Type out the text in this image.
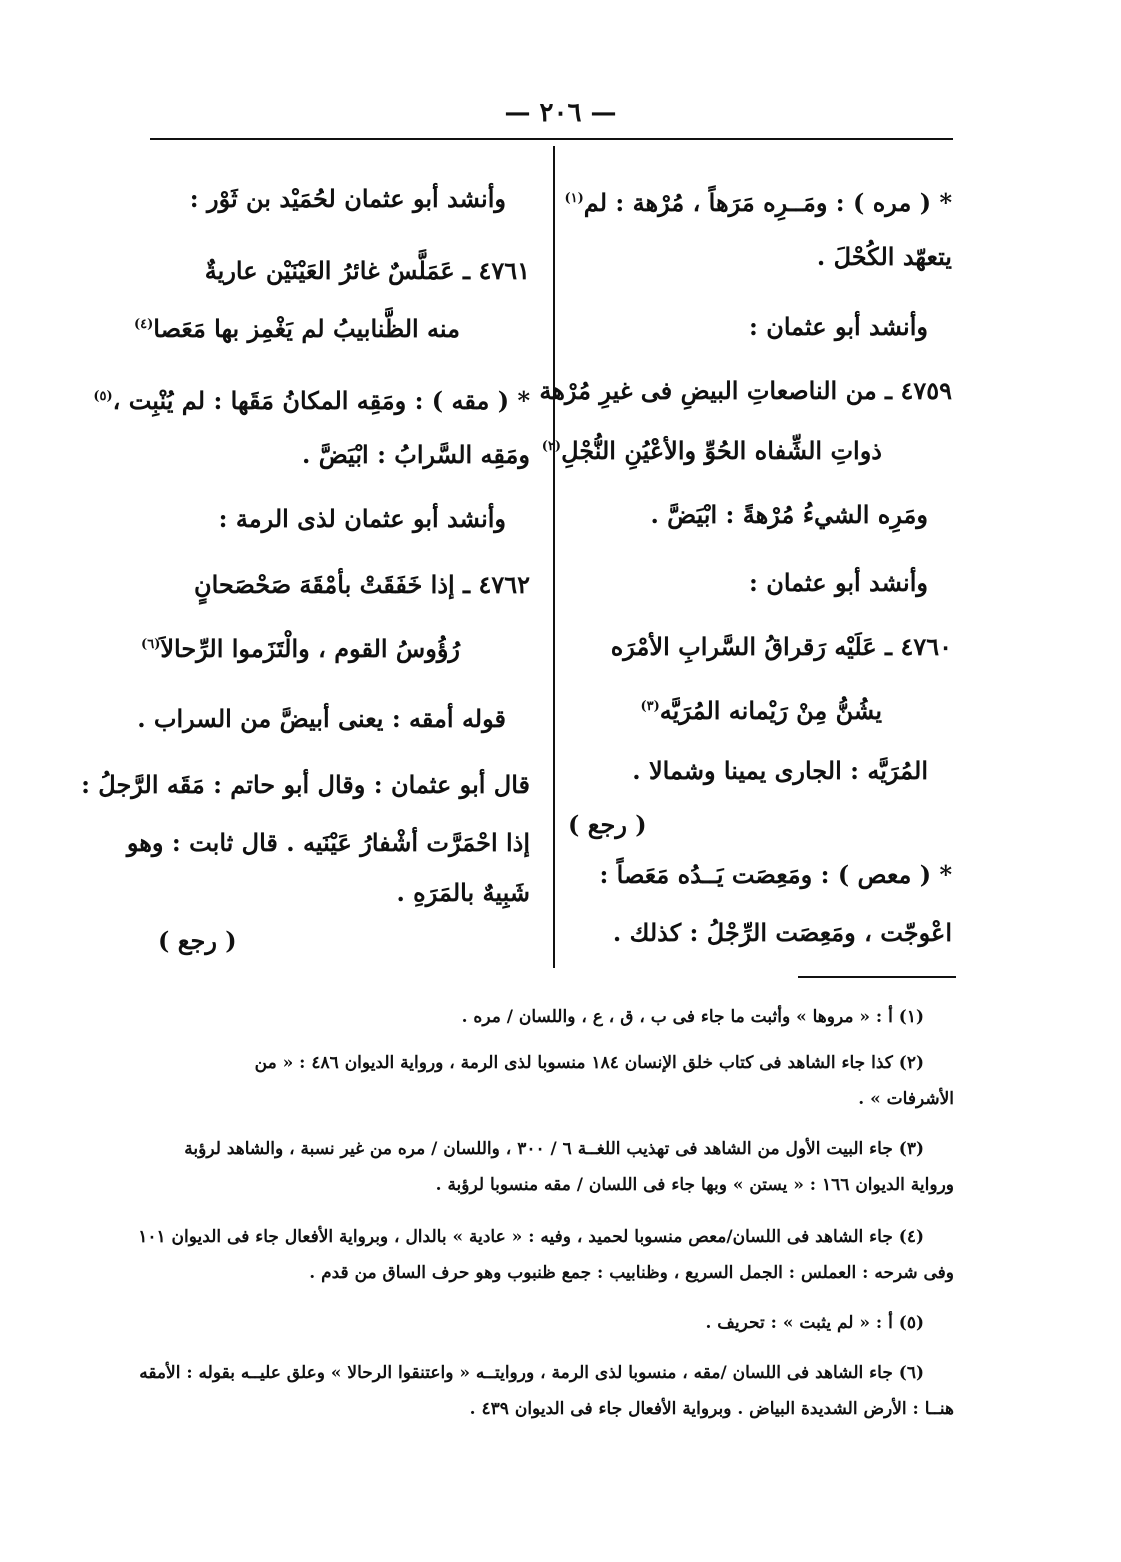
— ٢٠٦ —
* ( مره ) : ومَــرِه مَرَهاً ، مُرْهة : لم$^{(١)}$
يتعهّد الكُحْلَ .
وأنشد أبو عثمان :
٤٧٥٩ ـ من الناصعاتِ البيضِ فى غيرِ مُرْهة
ذواتِ الشِّفاه الحُوِّ والأعْيُنِ النُّجْلِ$^{(٢)}$
ومَرِه الشيءُ مُرْهةً : ابْيَضَّ .
وأنشد أبو عثمان :
٤٧٦٠ ـ عَلَيْه رَقراقُ السَّرابِ الأمْرَه
يشُنُّ مِنْ رَيْمانه المُرَيَّه$^{(٣)}$
المُرَيَّه : الجارى يمينا وشمالا .
( رجع )
* ( معص ) : ومَعِصَت يَــدُه مَعَصاً :
اعْوجّت ، ومَعِصَت الرِّجْلُ : كذلك .
وأنشد أبو عثمان لحُمَيْد بن ثَوْر :
٤٧٦١ ـ عَمَلَّسٌ غائرُ العَيْنَيْن عاريةٌ
منه الظَّنابيبُ لم يَغْمِز بها مَعَصا$^{(٤)}$
* ( مقه ) : ومَقِه المكانُ مَقَها : لم يُنْبِت ،$^{(٥)}$
ومَقِه السَّرابُ : ابْيَضَّ .
وأنشد أبو عثمان لذى الرمة :
٤٧٦٢ ـ إذا خَفَقَتْ بأمْقَهَ صَحْصَحانٍ
رُؤُوسُ القوم ، والْتَزَموا الرِّحالاَ$^{(٦)}$
قوله أمقه : يعنى أبيضَّ من السراب .
قال أبو عثمان : وقال أبو حاتم : مَقَه الرَّجلُ :
إذا احْمَرَّت أشْفارُ عَيْنَيه . قال ثابت : وهو
شَبِيهٌ بالمَرَهِ .
( رجع )
(١) أ : « مروها » وأثبت ما جاء فى ب ، ق ، ع ، واللسان / مره .
(٢) كذا جاء الشاهد فى كتاب خلق الإنسان ١٨٤ منسوبا لذى الرمة ، ورواية الديوان ٤٨٦ : « من
الأشرفات » .
(٣) جاء البيت الأول من الشاهد فى تهذيب اللغــة ٦ / ٣٠٠ ، واللسان / مره من غير نسبة ، والشاهد لرؤبة
ورواية الديوان ١٦٦ : « يستن » وبها جاء فى اللسان / مقه منسوبا لرؤبة .
(٤) جاء الشاهد فى اللسان/معص منسوبا لحميد ، وفيه : « عادية » بالدال ، وبرواية الأفعال جاء فى الديوان ١٠١
وفى شرحه : العملس : الجمل السريع ، وظنابيب : جمع ظنبوب وهو حرف الساق من قدم .
(٥) أ : « لم يثبت » : تحريف .
(٦) جاء الشاهد فى اللسان /مقه ، منسوبا لذى الرمة ، وروايتــه « واعتنقوا الرحالا » وعلق عليــه بقوله : الأمقه
هنــا : الأرض الشديدة البياض . وبرواية الأفعال جاء فى الديوان ٤٣٩ .
